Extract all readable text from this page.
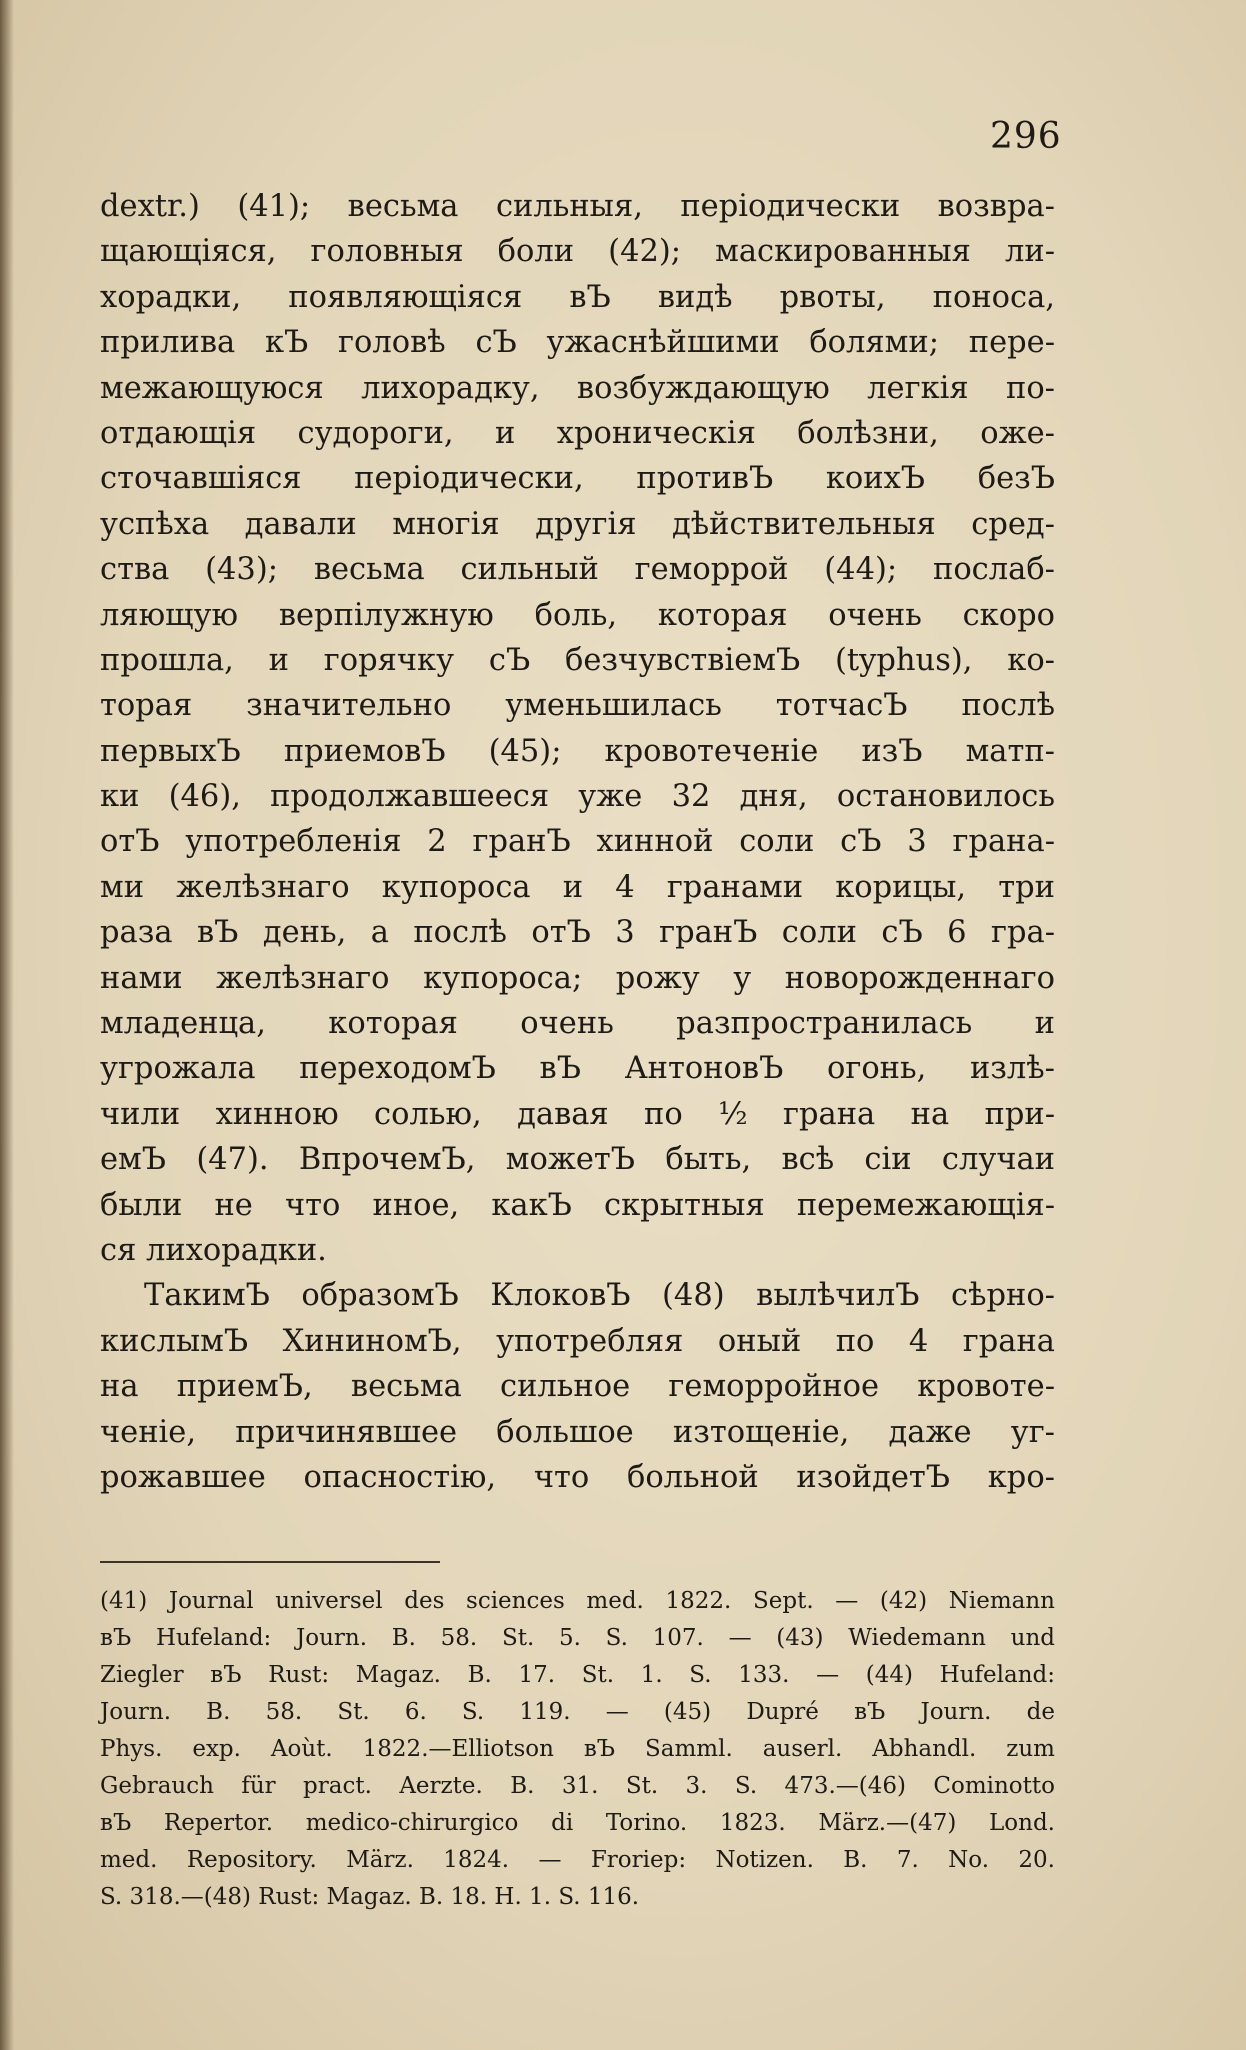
296
dextr.) (41); весьма сильныя, періодически возвра-
щающіяся, головныя боли (42); маскированныя ли-
хорадки, появляющіяся вЪ видѣ рвоты, поноса,
прилива кЪ головѣ сЪ ужаснѣйшими болями; пере-
межающуюся лихорадку, возбуждающую легкія по-
отдающія судороги, и хроническія болѣзни, оже-
сточавшіяся періодически, противЪ коихЪ безЪ
успѣха давали многія другія дѣйствительныя сред-
ства (43); весьма сильный геморрой (44); послаб-
ляющую верпілужную боль, которая очень скоро
прошла, и горячку сЪ безчувствіемЪ (typhus), ко-
торая значительно уменьшилась тотчасЪ послѣ
первыхЪ приемовЪ (45); кровотеченіе изЪ матп-
ки (46), продолжавшееся уже 32 дня, остановилось
отЪ употребленія 2 гранЪ хинной соли сЪ 3 грана-
ми желѣзнаго купороса и 4 гранами корицы, три
раза вЪ день, а послѣ отЪ 3 гранЪ соли сЪ 6 гра-
нами желѣзнаго купороса; рожу у новорожденнаго
младенца, которая очень разпространилась и
угрожала переходомЪ вЪ АнтоновЪ огонь, излѣ-
чили хинною солью, давая по ½ грана на при-
емЪ (47). ВпрочемЪ, можетЪ быть, всѣ сіи случаи
были не что иное, какЪ скрытныя перемежающія-
ся лихорадки.
ТакимЪ образомЪ КлоковЪ (48) вылѣчилЪ сѣрно-
кислымЪ ХининомЪ, употребляя оный по 4 грана
на приемЪ, весьма сильное геморройное кровоте-
ченіе, причинявшее большое изтощеніе, даже уг-
рожавшее опасностію, что больной изойдетЪ кро-
(41) Journal universel des sciences med. 1822. Sept. — (42) Niemann
вЪ Hufeland: Journ. B. 58. St. 5. S. 107. — (43) Wiedemann und
Ziegler вЪ Rust: Magaz. B. 17. St. 1. S. 133. — (44) Hufeland:
Journ. B. 58. St. 6. S. 119. — (45) Dupré вЪ Journ. de
Phys. exp. Aoùt. 1822.—Elliotson вЪ Samml. auserl. Abhandl. zum
Gebrauch für pract. Aerzte. B. 31. St. 3. S. 473.—(46) Cominotto
вЪ Repertor. medico-chirurgico di Torino. 1823. März.—(47) Lond.
med. Repository. März. 1824. — Froriep: Notizen. B. 7. No. 20.
S. 318.—(48) Rust: Magaz. B. 18. H. 1. S. 116.
